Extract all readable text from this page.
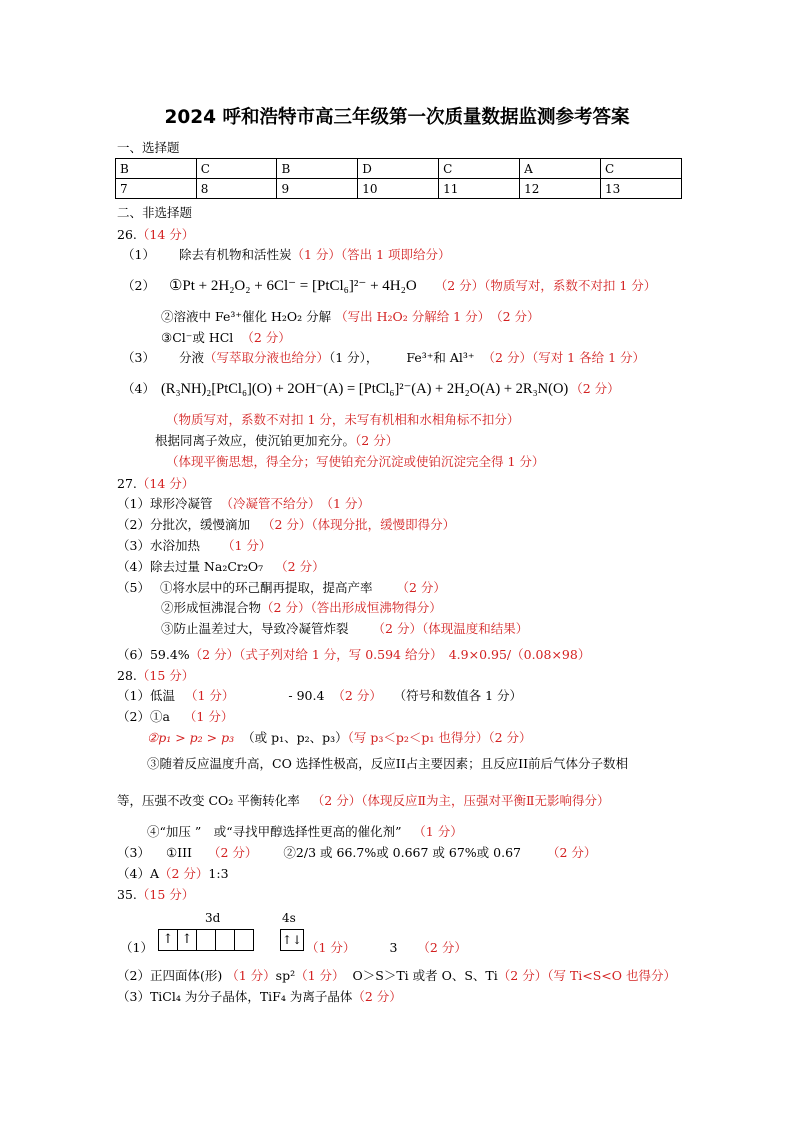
2024 呼和浩特市高三年级第一次质量数据监测参考答案
一、选择题
B	C	B	D	C	A	C
7	8	9	10	11	12	13
二、非选择题
26.（14 分）
（1） 除去有机物和活性炭（1 分）（答出 1 项即给分）
（2） ①Pt + 2H₂O₂ + 6Cl⁻ = [PtCl₆]²⁻ + 4H₂O （2 分）（物质写对，系数不对扣 1 分）
②溶液中 Fe³⁺催化 H₂O₂ 分解 （写出 H₂O₂ 分解给 1 分）　（2 分）
③Cl⁻或 HCl （2 分）
（3） 分液（写萃取分液也给分）（1 分）， Fe³⁺和 Al³⁺ （2 分）（写对 1 各给 1 分）
（4） (R₃NH)₂[PtCl₆](O) + 2OH⁻(A) = [PtCl₆]²⁻(A) + 2H₂O(A) + 2R₃N(O) （2 分）
（物质写对，系数不对扣 1 分，未写有机相和水相角标不扣分）
根据同离子效应，使沉铂更加充分。（2 分）
（体现平衡思想，得全分；写使铂充分沉淀或使铂沉淀完全得 1 分）
27.（14 分）
（1）球形冷凝管 （冷凝管不给分）　（1 分）
（2）分批次，缓慢滴加 （2 分）（体现分批，缓慢即得分）
（3）水浴加热 （1 分）
（4）除去过量 Na₂Cr₂O₇ （2 分）
（5） ①将水层中的环己酮再提取，提高产率 （2 分）
②形成恒沸混合物（2 分）（答出形成恒沸物得分）
③防止温差过大，导致冷凝管炸裂 （2 分）（体现温度和结果）
（6）59.4%（2 分）（式子列对给 1 分，写 0.594 给分）　4.9×0.95/（0.08×98）
28.（15 分）
（1）低温 （1 分）	- 90.4 （2 分） （符号和数值各 1 分）
（2）①a （1 分）
②p₁ > p₂ > p₃ （或 p₁、p₂、p₃）（写 p₃＜p₂＜p₁ 也得分）（2 分）
③随着反应温度升高，CO 选择性极高，反应II占主要因素；且反应II前后气体分子数相
等，压强不改变 CO₂ 平衡转化率 （2 分）（体现反应Ⅱ为主，压强对平衡Ⅱ无影响得分）
④“加压 ”　或“寻找甲醇选择性更高的催化剂” （1 分）
（3） ①III （2 分） ②2/3 或 66.7%或 0.667 或 67%或 0.67 （2 分）
（4）A（2 分）1:3
35.（15 分）
3d	4s
（1）
↑ ↑	↑↓ （1 分）	3 （2 分）
（2）正四面体(形) （1 分）sp²（1 分） O＞S＞Ti 或者 O、S、Ti（2 分）（写 Ti<S<O 也得分）
（3）TiCl₄ 为分子晶体，TiF₄ 为离子晶体（2 分）
